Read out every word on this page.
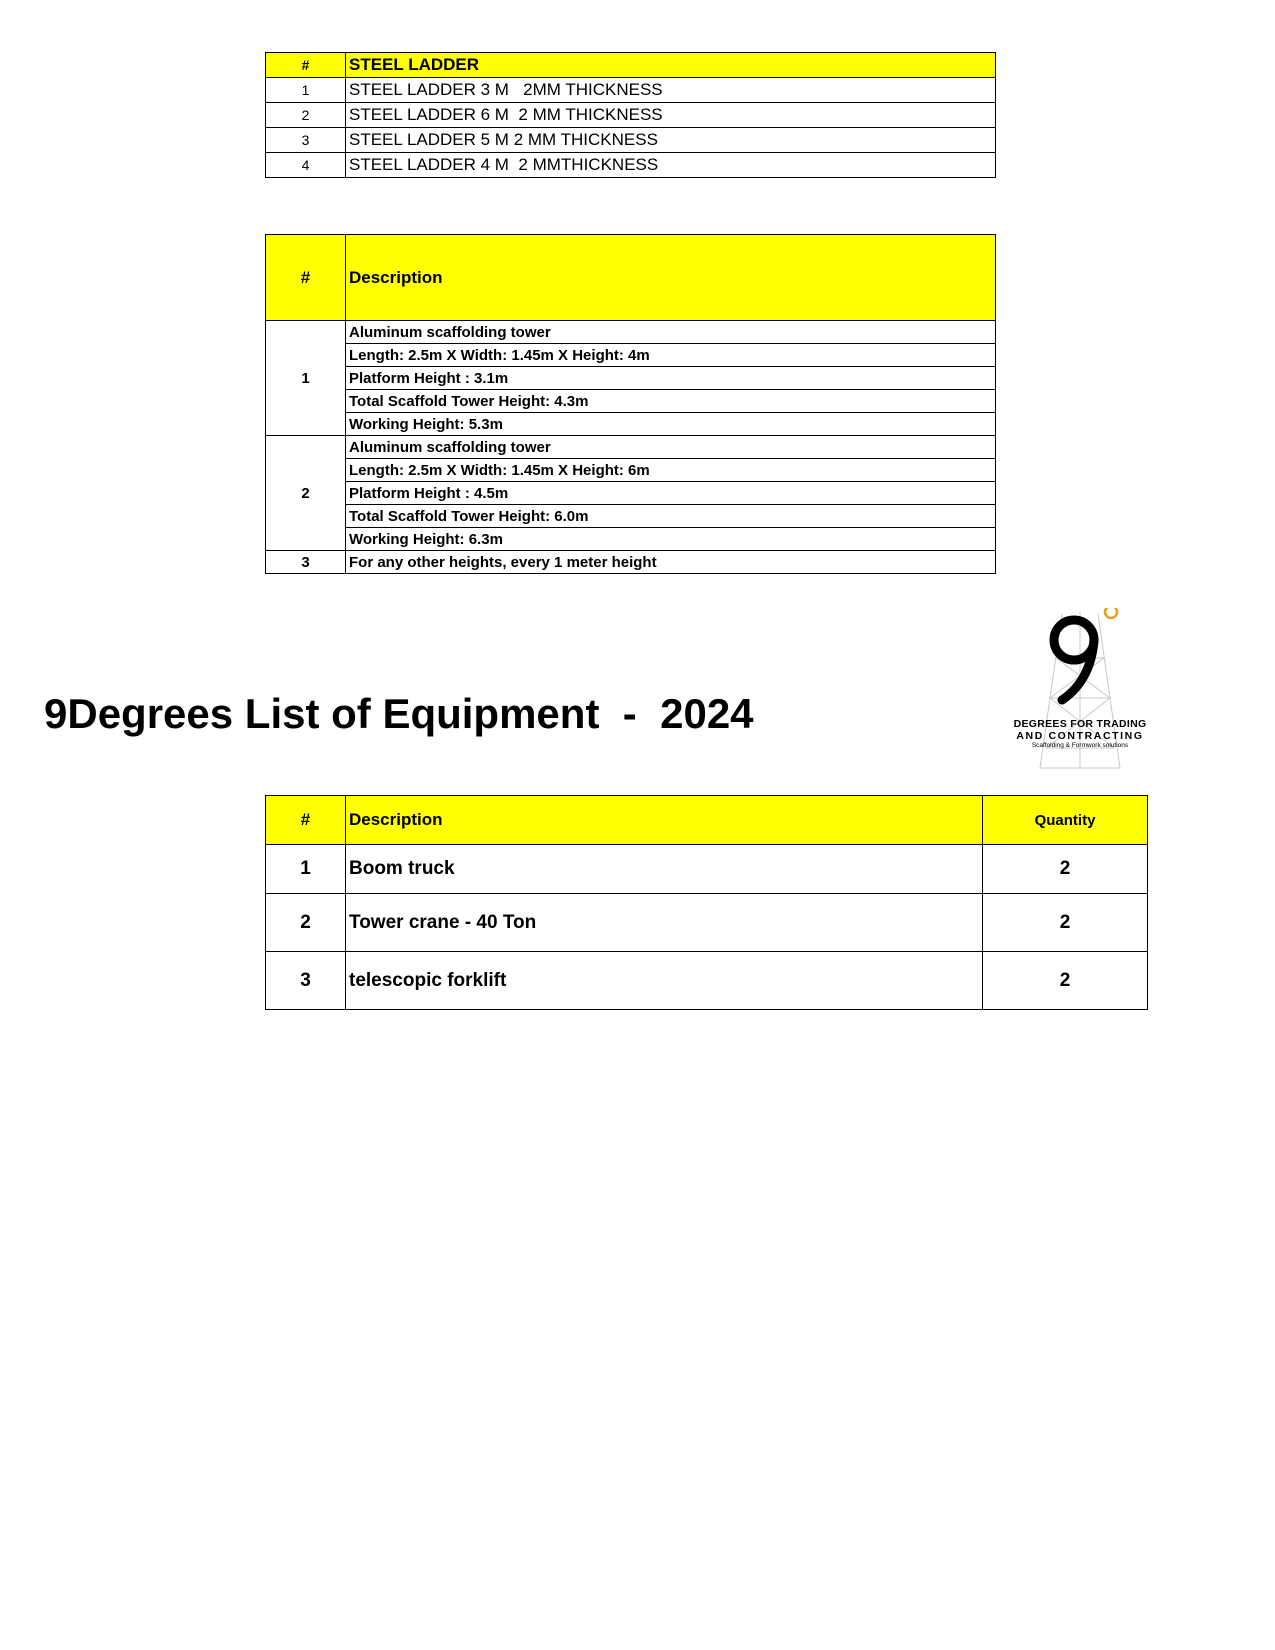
#	STEEL LADDER
1	STEEL LADDER 3 M   2MM THICKNESS
2	STEEL LADDER 6 M  2 MM THICKNESS
3	STEEL LADDER 5 M 2 MM THICKNESS
4	STEEL LADDER 4 M  2 MMTHICKNESS
#	Description
1	Aluminum scaffolding tower
	Length: 2.5m X Width: 1.45m X Height: 4m
	Platform Height : 3.1m
	Total Scaffold Tower Height: 4.3m
	Working Height: 5.3m
2	Aluminum scaffolding tower
	Length: 2.5m X Width: 1.45m X Height: 6m
	Platform Height : 4.5m
	Total Scaffold Tower Height: 6.0m
	Working Height: 6.3m
3	For any other heights, every 1 meter height
9Degrees List of Equipment  -  2024	DEGREES FOR TRADING
AND CONTRACTING
Scaffolding & Formwork solutions
#	Description	Quantity
1	Boom truck	2
2	Tower crane - 40 Ton	2
3	telescopic forklift	2
